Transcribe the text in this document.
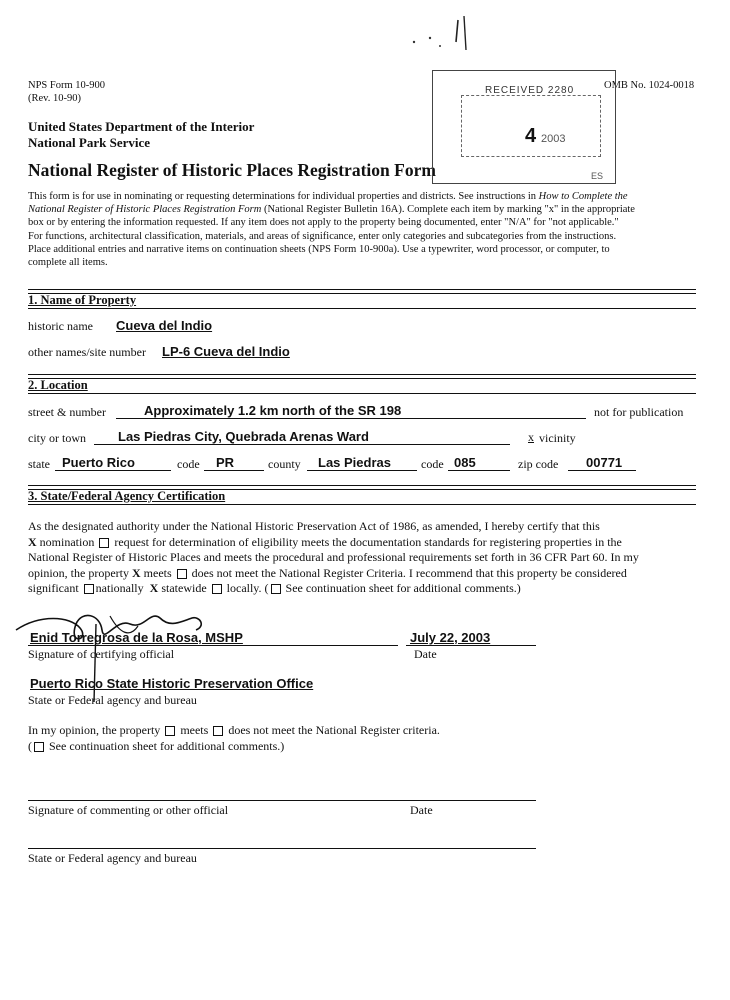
NPS Form 10-900
(Rev. 10-90)
OMB No. 1024-0018
United States Department of the Interior
National Park Service
National Register of Historic Places Registration Form
RECEIVED 2280
4 2003
ES
This form is for use in nominating or requesting determinations for individual properties and districts. See instructions in How to Complete the
National Register of Historic Places Registration Form (National Register Bulletin 16A). Complete each item by marking "x" in the appropriate
box or by entering the information requested. If any item does not apply to the property being documented, enter "N/A" for "not applicable."
For functions, architectural classification, materials, and areas of significance, enter only categories and subcategories from the instructions.
Place additional entries and narrative items on continuation sheets (NPS Form 10-900a). Use a typewriter, word processor, or computer, to
complete all items.
1. Name of Property
historic name Cueva del Indio
other names/site number LP-6 Cueva del Indio
2. Location
street & number	Approximately 1.2 km north of the SR 198	not for publication
city or town Las Piedras City, Quebrada Arenas Ward	x vicinity
state Puerto Rico	code PR	county Las Piedras	code 085	zip code 00771
3. State/Federal Agency Certification
As the designated authority under the National Historic Preservation Act of 1986, as amended, I hereby certify that this
X nomination request for determination of eligibility meets the documentation standards for registering properties in the
National Register of Historic Places and meets the procedural and professional requirements set forth in 36 CFR Part 60. In my
opinion, the property X meets does not meet the National Register Criteria. I recommend that this property be considered
significant nationally X statewide locally. ( See continuation sheet for additional comments.)
Enid Torregrosa de la Rosa, MSHP	July 22, 2003
Signature of certifying official	Date
Puerto Rico State Historic Preservation Office
State or Federal agency and bureau
In my opinion, the property meets does not meet the National Register criteria.
( See continuation sheet for additional comments.)
Signature of commenting or other official	Date
State or Federal agency and bureau
